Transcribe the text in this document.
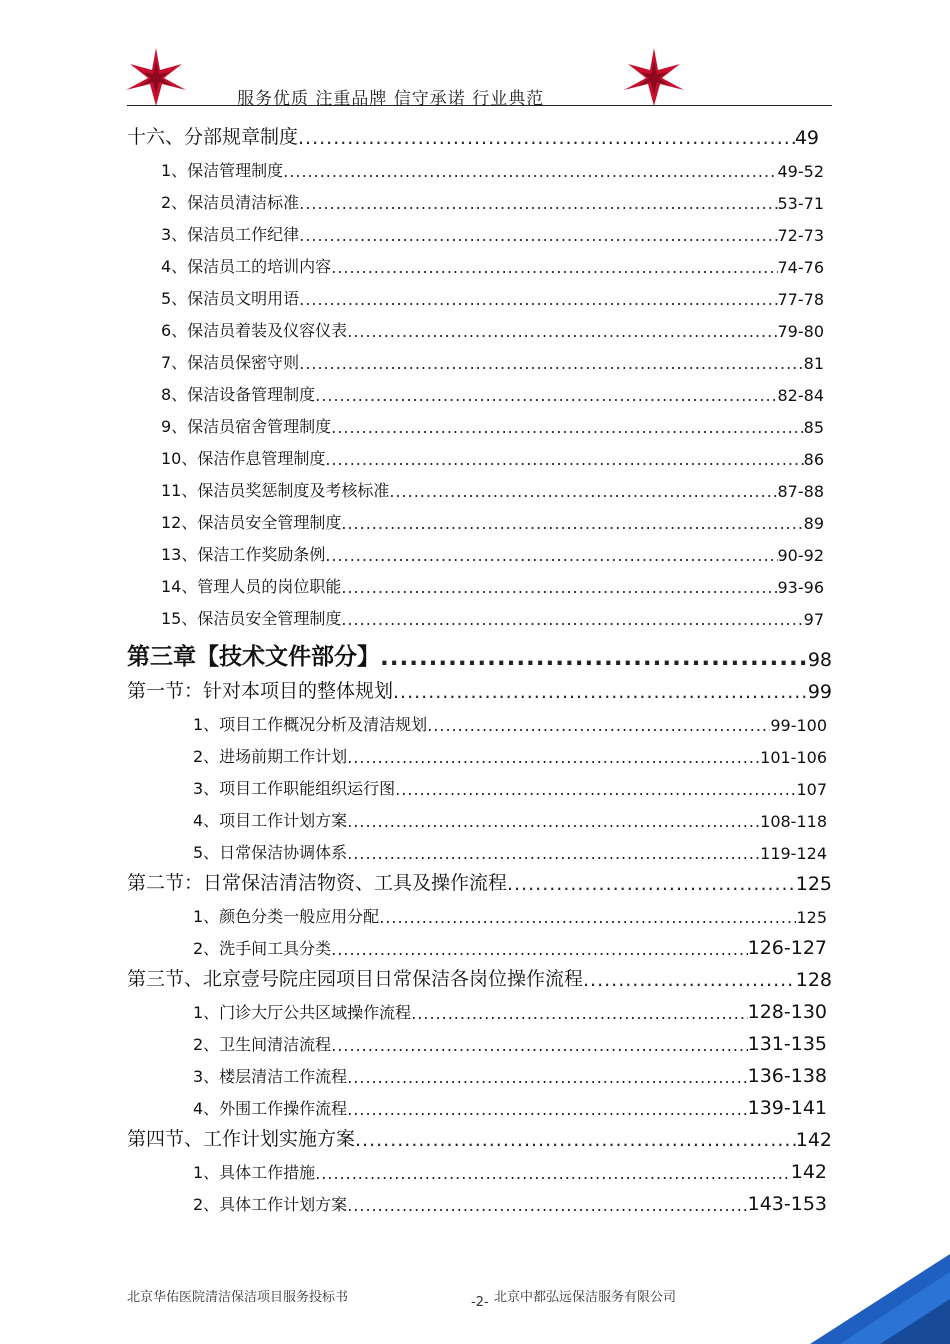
服务优质 注重品牌 信守承诺 行业典范
十六、分部规章制度 .....	49
1、保洁管理制度 .....	49-52
2、保洁员清洁标准 .....	53-71
3、保洁员工作纪律 .....	72-73
4、保洁员工的培训内容 .....	74-76
5、保洁员文明用语 .....	77-78
6、保洁员着装及仪容仪表 .....	79-80
7、保洁员保密守则 .....	81
8、保洁设备管理制度 .....	82-84
9、保洁员宿舍管理制度 .....	85
10、保洁作息管理制度 .....	86
11、保洁员奖惩制度及考核标准 .....	87-88
12、保洁员安全管理制度 .....	89
13、保洁工作奖励条例 .....	90-92
14、管理人员的岗位职能 .....	93-96
15、保洁员安全管理制度 .....	97
第三章【技术文件部分】 .....	98
第一节：针对本项目的整体规划 .....	99
1、项目工作概况分析及清洁规划 .....	99-100
2、进场前期工作计划 .....	101-106
3、项目工作职能组织运行图 .....	107
4、项目工作计划方案 .....	108-118
5、日常保洁协调体系 .....	119-124
第二节：日常保洁清洁物资、工具及操作流程 .....	125
1、颜色分类一般应用分配 .....	125
2、洗手间工具分类 .....	126-127
第三节、北京壹号院庄园项目日常保洁各岗位操作流程 .....	128
1、门诊大厅公共区域操作流程 .....	128-130
2、卫生间清洁流程 .....	131-135
3、楼层清洁工作流程 .....	136-138
4、外围工作操作流程 .....	139-141
第四节、工作计划实施方案 .....	142
1、具体工作措施 .....	142
2、具体工作计划方案 .....	143-153
北京华佑医院清洁保洁项目服务投标书	-2- 北京中都弘远保洁服务有限公司
